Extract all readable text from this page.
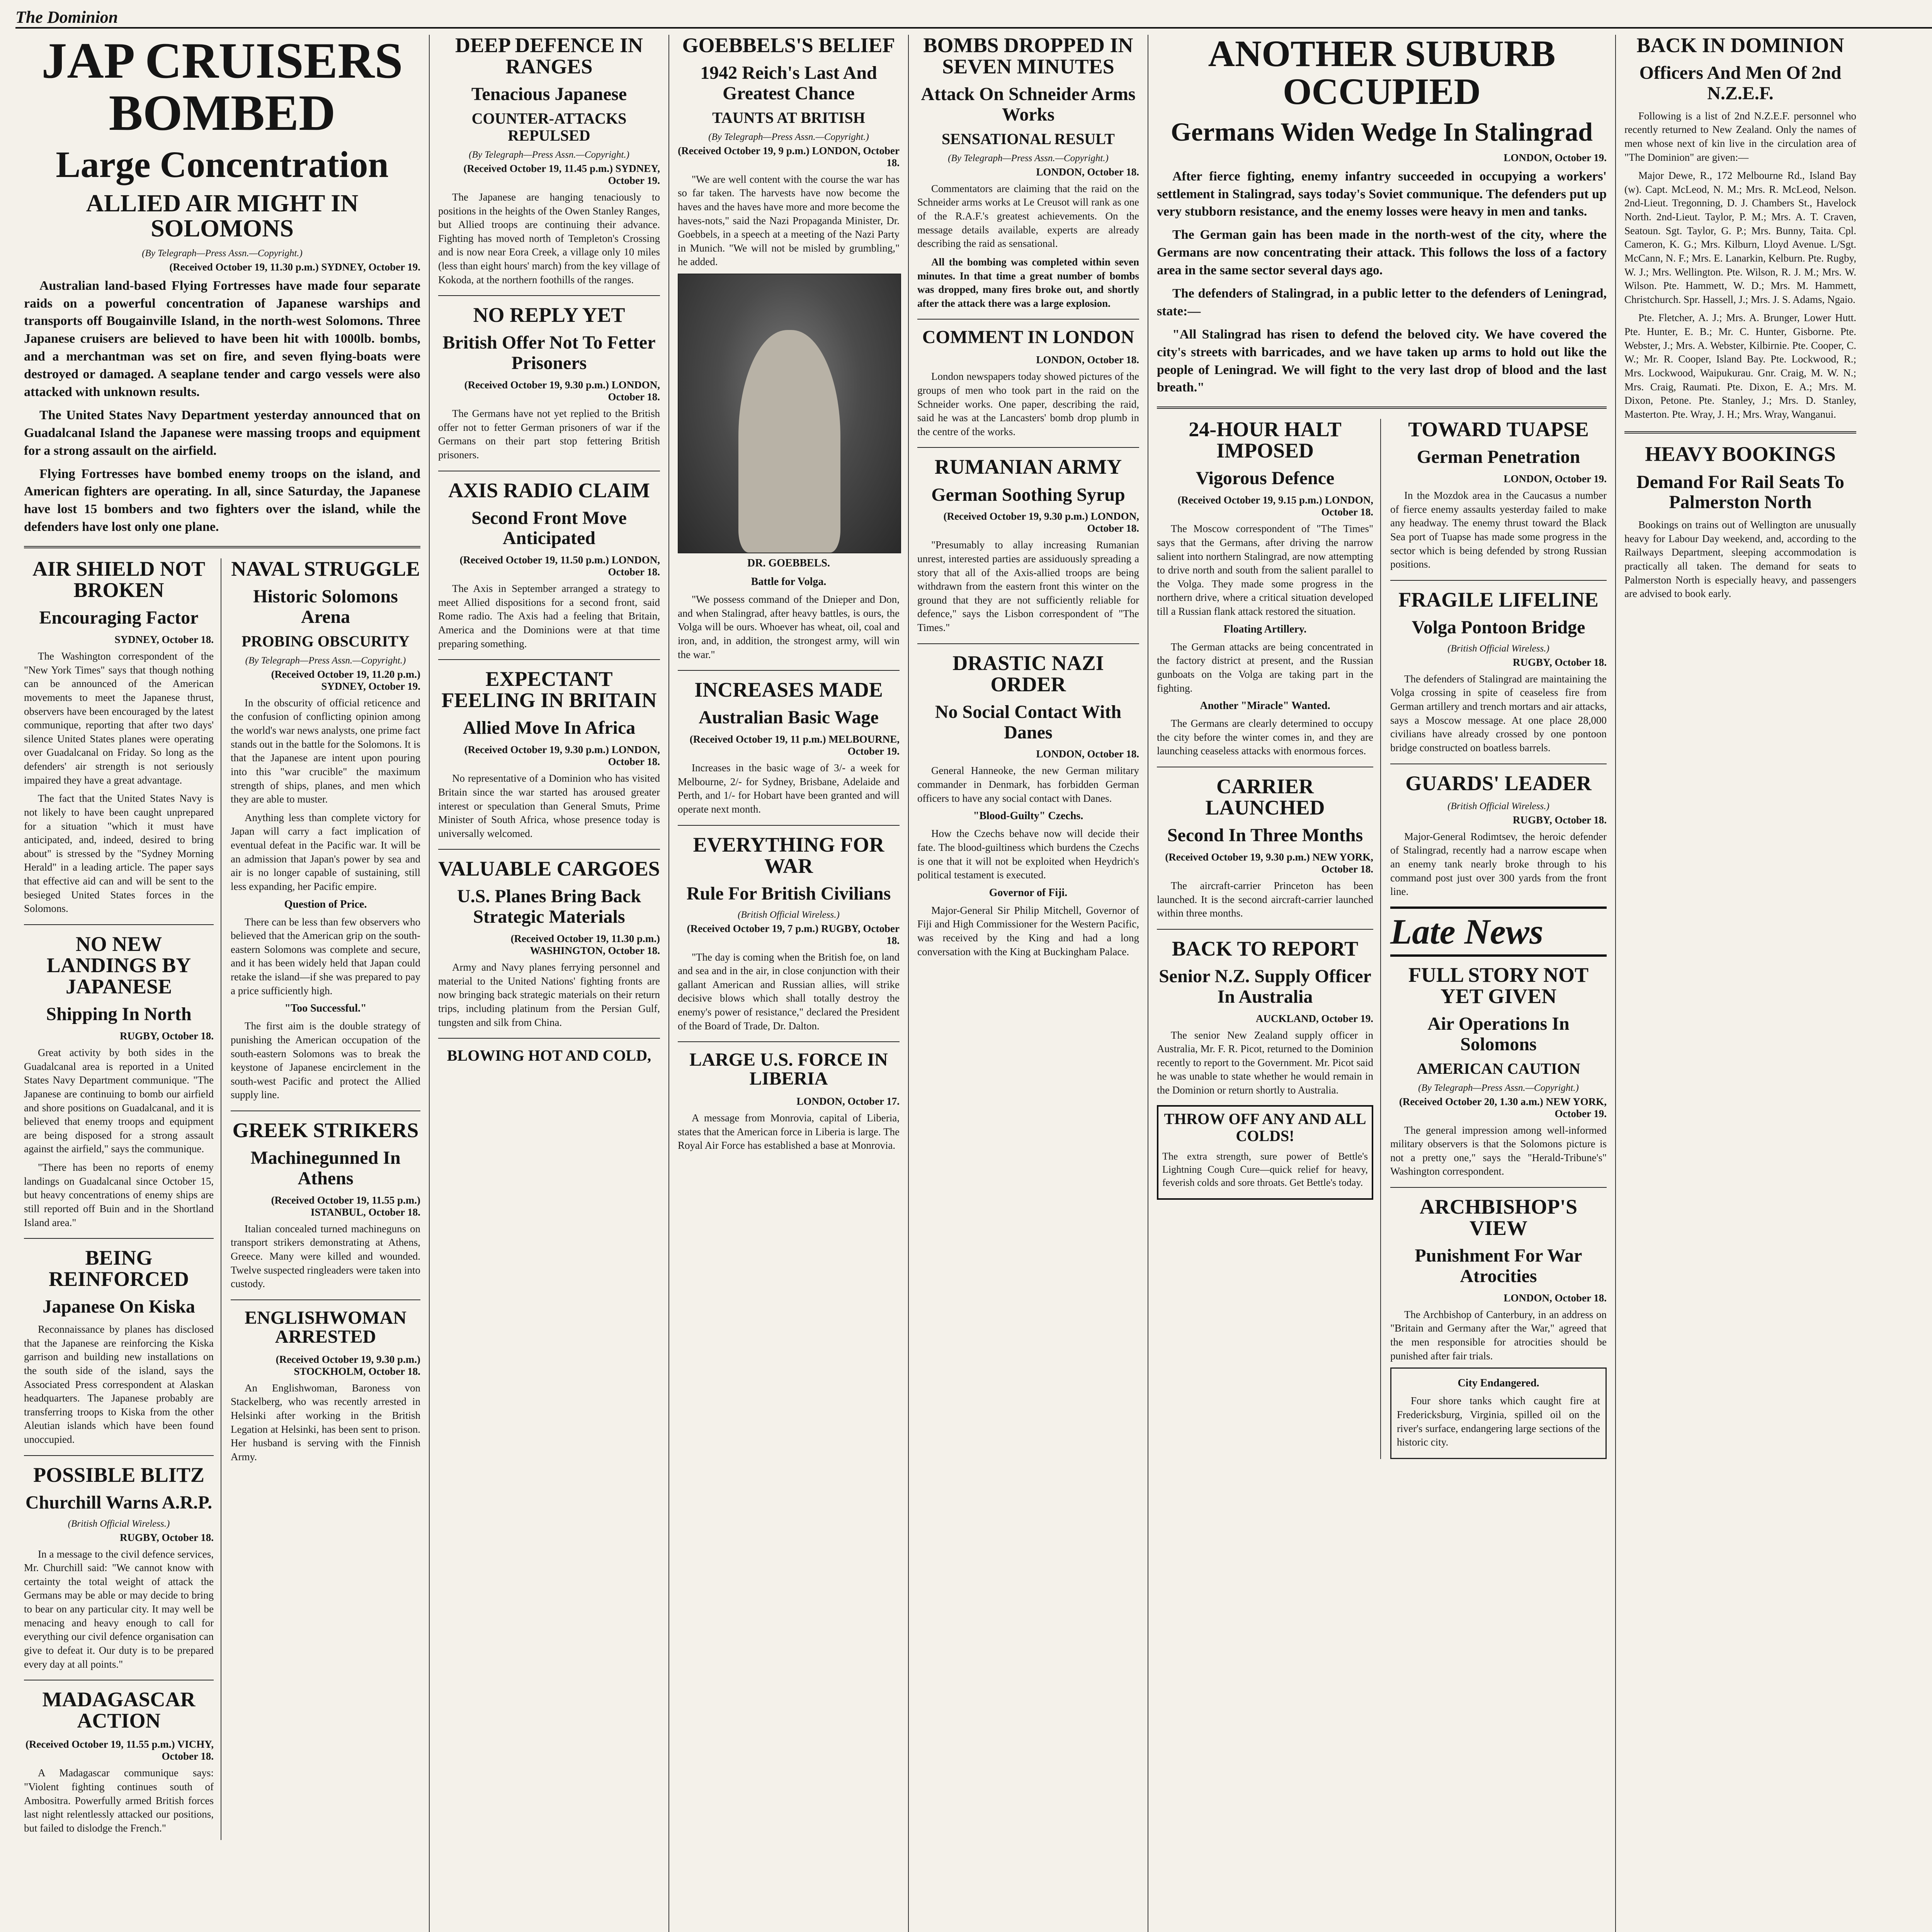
The Dominion
JAP CRUISERS BOMBED
Large Concentration
ALLIED AIR MIGHT IN SOLOMONS
(By Telegraph—Press Assn.—Copyright.)
(Received October 19, 11.30 p.m.) SYDNEY, October 19.

Australian land-based Flying Fortresses have made four separate raids on a powerful concentration of Japanese warships and transports off Bougainville Island, in the north-west Solomons. Three Japanese cruisers are believed to have been hit with 1000lb. bombs, and a merchantman was set on fire, and seven flying-boats were destroyed or damaged. A seaplane tender and cargo vessels were also attacked with unknown results.

The United States Navy Department yesterday announced that on Guadalcanal Island the Japanese were massing troops and equipment for a strong assault on the airfield.

Flying Fortresses have bombed enemy troops on the island, and American fighters are operating. In all, since Saturday, the Japanese have lost 15 bombers and two fighters over the island, while the defenders have lost only one plane.

AIR SHIELD NOT BROKEN
Encouraging Factor
SYDNEY, October 18.

The Washington correspondent of the "New York Times" says that though nothing can be announced of the American movements to meet the Japanese thrust, observers have been encouraged by the latest communique, reporting that after two days' silence United States planes were operating over Guadalcanal on Friday. So long as the defenders' air strength is not seriously impaired they have a great advantage.

The fact that the United States Navy is not likely to have been caught unprepared for a situation "which it must have anticipated, and, indeed, desired to bring about" is stressed by the "Sydney Morning Herald" in a leading article. The paper says that effective aid can and will be sent to the besieged United States forces in the Solomons.

NO NEW LANDINGS BY JAPANESE
Shipping In North
RUGBY, October 18.

Great activity by both sides in the Guadalcanal area is reported in a United States Navy Department communique. "The Japanese are continuing to bomb our airfield and shore positions on Guadalcanal, and it is believed that enemy troops and equipment are being disposed for a strong assault against the airfield," says the communique.

"There has been no reports of enemy landings on Guadalcanal since October 15, but heavy concentrations of enemy ships are still reported off Buin and in the Shortland Island area."

BEING REINFORCED
Japanese On Kiska

Reconnaissance by planes has disclosed that the Japanese are reinforcing the Kiska garrison and building new installations on the south side of the island, says the Associated Press correspondent at Alaskan headquarters. The Japanese probably are transferring troops to Kiska from the other Aleutian islands which have been found unoccupied.

POSSIBLE BLITZ
Churchill Warns A.R.P.
(British Official Wireless.)
RUGBY, October 18.

In a message to the civil defence services, Mr. Churchill said: "We cannot know with certainty the total weight of attack the Germans may be able or may decide to bring to bear on any particular city. It may well be menacing and heavy enough to call for everything our civil defence organisation can give to defeat it. Our duty is to be prepared every day at all points."

MADAGASCAR ACTION
(Received October 19, 11.55 p.m.) VICHY, October 18.

A Madagascar communique says: "Violent fighting continues south of Ambositra. Powerfully armed British forces last night relentlessly attacked our positions, but failed to dislodge the French."

NAVAL STRUGGLE
Historic Solomons Arena
PROBING OBSCURITY
(By Telegraph—Press Assn.—Copyright.)
(Received October 19, 11.20 p.m.) SYDNEY, October 19.

In the obscurity of official reticence and the confusion of conflicting opinion among the world's war news analysts, one prime fact stands out in the battle for the Solomons. It is that the Japanese are intent upon pouring into this "war crucible" the maximum strength of ships, planes, and men which they are able to muster.

Anything less than complete victory for Japan will carry a fact implication of eventual defeat in the Pacific war. It will be an admission that Japan's power by sea and air is no longer capable of sustaining, still less expanding, her Pacific empire.

Question of Price.

There can be less than few observers who believed that the American grip on the south-eastern Solomons was complete and secure, and it has been widely held that Japan could retake the island—if she was prepared to pay a price sufficiently high.

"Too Successful."

The first aim is the double strategy of punishing the American occupation of the south-eastern Solomons was to break the keystone of Japanese encirclement in the south-west Pacific and protect the Allied supply line.

GREEK STRIKERS
Machinegunned In Athens
(Received October 19, 11.55 p.m.) ISTANBUL, October 18.

Italian concealed turned machineguns on transport strikers demonstrating at Athens, Greece. Many were killed and wounded. Twelve suspected ringleaders were taken into custody.

ENGLISHWOMAN ARRESTED
(Received October 19, 9.30 p.m.) STOCKHOLM, October 18.

An Englishwoman, Baroness von Stackelberg, who was recently arrested in Helsinki after working in the British Legation at Helsinki, has been sent to prison. Her husband is serving with the Finnish Army.

DEEP DEFENCE IN RANGES
Tenacious Japanese
COUNTER-ATTACKS REPULSED
(By Telegraph—Press Assn.—Copyright.)
(Received October 19, 11.45 p.m.) SYDNEY, October 19.

The Japanese are hanging tenaciously to positions in the heights of the Owen Stanley Ranges, but Allied troops are continuing their advance. Fighting has moved north of Templeton's Crossing and is now near Eora Creek, a village only 10 miles (less than eight hours' march) from the key village of Kokoda, at the northern foothills of the ranges.

NO REPLY YET
British Offer Not To Fetter Prisoners
(Received October 19, 9.30 p.m.) LONDON, October 18.

The Germans have not yet replied to the British offer not to fetter German prisoners of war if the Germans on their part stop fettering British prisoners.

AXIS RADIO CLAIM
Second Front Move Anticipated
(Received October 19, 11.50 p.m.) LONDON, October 18.

The Axis in September arranged a strategy to meet Allied dispositions for a second front, said Rome radio. The Axis had a feeling that Britain, America and the Dominions were at that time preparing something.

EXPECTANT FEELING IN BRITAIN
Allied Move In Africa
(Received October 19, 9.30 p.m.) LONDON, October 18.

No representative of a Dominion who has visited Britain since the war started has aroused greater interest or speculation than General Smuts, Prime Minister of South Africa, whose presence today is universally welcomed.

VALUABLE CARGOES
U.S. Planes Bring Back Strategic Materials
(Received October 19, 11.30 p.m.) WASHINGTON, October 18.

Army and Navy planes ferrying personnel and material to the United Nations' fighting fronts are now bringing back strategic materials on their return trips, including platinum from the Persian Gulf, tungsten and silk from China.

BLOWING HOT AND COLD,
GOEBBELS'S BELIEF
1942 Reich's Last And Greatest Chance
TAUNTS AT BRITISH
(By Telegraph—Press Assn.—Copyright.)
(Received October 19, 9 p.m.) LONDON, October 18.

"We are well content with the course the war has so far taken. The harvests have now become the haves and the haves have more and more become the haves-nots," said the Nazi Propaganda Minister, Dr. Goebbels, in a speech at a meeting of the Nazi Party in Munich. "We will not be misled by grumbling," he added.

DR. GOEBBELS.
Battle for Volga.

"We possess command of the Dnieper and Don, and when Stalingrad, after heavy battles, is ours, the Volga will be ours. Whoever has wheat, oil, coal and iron, and, in addition, the strongest army, will win the war."

INCREASES MADE
Australian Basic Wage
(Received October 19, 11 p.m.) MELBOURNE, October 19.

Increases in the basic wage of 3/- a week for Melbourne, 2/- for Sydney, Brisbane, Adelaide and Perth, and 1/- for Hobart have been granted and will operate next month.

EVERYTHING FOR WAR
Rule For British Civilians
(British Official Wireless.)
(Received October 19, 7 p.m.) RUGBY, October 18.

"The day is coming when the British foe, on land and sea and in the air, in close conjunction with their gallant American and Russian allies, will strike decisive blows which shall totally destroy the enemy's power of resistance," declared the President of the Board of Trade, Dr. Dalton.

LARGE U.S. FORCE IN LIBERIA
LONDON, October 17.

A message from Monrovia, capital of Liberia, states that the American force in Liberia is large. The Royal Air Force has established a base at Monrovia.

BOMBS DROPPED IN SEVEN MINUTES
Attack On Schneider Arms Works
SENSATIONAL RESULT
(By Telegraph—Press Assn.—Copyright.)
LONDON, October 18.

Commentators are claiming that the raid on the Schneider arms works at Le Creusot will rank as one of the R.A.F.'s greatest achievements. On the message details available, experts are already describing the raid as sensational.

All the bombing was completed within seven minutes. In that time a great number of bombs was dropped, many fires broke out, and shortly after the attack there was a large explosion.

COMMENT IN LONDON
LONDON, October 18.

London newspapers today showed pictures of the groups of men who took part in the raid on the Schneider works. One paper, describing the raid, said he was at the Lancasters' bomb drop plumb in the centre of the works.

RUMANIAN ARMY
German Soothing Syrup
(Received October 19, 9.30 p.m.) LONDON, October 18.

"Presumably to allay increasing Rumanian unrest, interested parties are assiduously spreading a story that all of the Axis-allied troops are being withdrawn from the eastern front this winter on the ground that they are not sufficiently reliable for defence," says the Lisbon correspondent of "The Times."

DRASTIC NAZI ORDER
No Social Contact With Danes
LONDON, October 18.

General Hanneoke, the new German military commander in Denmark, has forbidden German officers to have any social contact with Danes.

"Blood-Guilty" Czechs.

How the Czechs behave now will decide their fate. The blood-guiltiness which burdens the Czechs is one that it will not be exploited when Heydrich's political testament is executed.

Governor of Fiji.

Major-General Sir Philip Mitchell, Governor of Fiji and High Commissioner for the Western Pacific, was received by the King and had a long conversation with the King at Buckingham Palace.

ANOTHER SUBURB OCCUPIED
Germans Widen Wedge In Stalingrad
LONDON, October 19.

After fierce fighting, enemy infantry succeeded in occupying a workers' settlement in Stalingrad, says today's Soviet communique. The defenders put up very stubborn resistance, and the enemy losses were heavy in men and tanks.

The German gain has been made in the north-west of the city, where the Germans are now concentrating their attack. This follows the loss of a factory area in the same sector several days ago.

The defenders of Stalingrad, in a public letter to the defenders of Leningrad, state:—

"All Stalingrad has risen to defend the beloved city. We have covered the city's streets with barricades, and we have taken up arms to hold out like the people of Leningrad. We will fight to the very last drop of blood and the last breath."

24-HOUR HALT IMPOSED
Vigorous Defence
(Received October 19, 9.15 p.m.) LONDON, October 18.

The Moscow correspondent of "The Times" says that the Germans, after driving the narrow salient into northern Stalingrad, are now attempting to drive north and south from the salient parallel to the Volga. They made some progress in the northern drive, where a critical situation developed till a Russian flank attack restored the situation.

Floating Artillery.

The German attacks are being concentrated in the factory district at present, and the Russian gunboats on the Volga are taking part in the fighting.

Another "Miracle" Wanted.

The Germans are clearly determined to occupy the city before the winter comes in, and they are launching ceaseless attacks with enormous forces.

CARRIER LAUNCHED
Second In Three Months
(Received October 19, 9.30 p.m.) NEW YORK, October 18.

The aircraft-carrier Princeton has been launched. It is the second aircraft-carrier launched within three months.

BACK TO REPORT
Senior N.Z. Supply Officer In Australia
AUCKLAND, October 19.

The senior New Zealand supply officer in Australia, Mr. F. R. Picot, returned to the Dominion recently to report to the Government. Mr. Picot said he was unable to state whether he would remain in the Dominion or return shortly to Australia.

THROW OFF ANY AND ALL COLDS!

The extra strength, sure power of Bettle's Lightning Cough Cure—quick relief for heavy, feverish colds and sore throats. Get Bettle's today.

TOWARD TUAPSE
German Penetration
LONDON, October 19.

In the Mozdok area in the Caucasus a number of fierce enemy assaults yesterday failed to make any headway. The enemy thrust toward the Black Sea port of Tuapse has made some progress in the sector which is being defended by strong Russian positions.

FRAGILE LIFELINE
Volga Pontoon Bridge
(British Official Wireless.)
RUGBY, October 18.

The defenders of Stalingrad are maintaining the Volga crossing in spite of ceaseless fire from German artillery and trench mortars and air attacks, says a Moscow message. At one place 28,000 civilians have already crossed by one pontoon bridge constructed on boatless barrels.

GUARDS' LEADER
(British Official Wireless.)
RUGBY, October 18.

Major-General Rodimtsev, the heroic defender of Stalingrad, recently had a narrow escape when an enemy tank nearly broke through to his command post just over 300 yards from the front line.

Late News
FULL STORY NOT YET GIVEN
Air Operations In Solomons
AMERICAN CAUTION
(By Telegraph—Press Assn.—Copyright.)
(Received October 20, 1.30 a.m.) NEW YORK, October 19.

The general impression among well-informed military observers is that the Solomons picture is not a pretty one," says the "Herald-Tribune's" Washington correspondent.

ARCHBISHOP'S VIEW
Punishment For War Atrocities
LONDON, October 18.

The Archbishop of Canterbury, in an address on "Britain and Germany after the War," agreed that the men responsible for atrocities should be punished after fair trials.

City Endangered.

Four shore tanks which caught fire at Fredericksburg, Virginia, spilled oil on the river's surface, endangering large sections of the historic city.

BACK IN DOMINION
Officers And Men Of 2nd N.Z.E.F.

Following is a list of 2nd N.Z.E.F. personnel who recently returned to New Zealand. Only the names of men whose next of kin live in the circulation area of "The Dominion" are given:—

Major Dewe, R., 172 Melbourne Rd., Island Bay (w). Capt. McLeod, N. M.; Mrs. R. McLeod, Nelson. 2nd-Lieut. Tregonning, D. J. Chambers St., Havelock North. 2nd-Lieut. Taylor, P. M.; Mrs. A. T. Craven, Seatoun. Sgt. Taylor, G. P.; Mrs. Bunny, Taita. Cpl. Cameron, K. G.; Mrs. Kilburn, Lloyd Avenue. L/Sgt. McCann, N. F.; Mrs. E. Lanarkin, Kelburn. Pte. Rugby, W. J.; Mrs. Wellington. Pte. Wilson, R. J. M.; Mrs. W. Wilson. Pte. Hammett, W. D.; Mrs. M. Hammett, Christchurch. Spr. Hassell, J.; Mrs. J. S. Adams, Ngaio.

Pte. Fletcher, A. J.; Mrs. A. Brunger, Lower Hutt. Pte. Hunter, E. B.; Mr. C. Hunter, Gisborne. Pte. Webster, J.; Mrs. A. Webster, Kilbirnie. Pte. Cooper, C. W.; Mr. R. Cooper, Island Bay. Pte. Lockwood, R.; Mrs. Lockwood, Waipukurau. Gnr. Craig, M. W. N.; Mrs. Craig, Raumati. Pte. Dixon, E. A.; Mrs. M. Dixon, Petone. Pte. Stanley, J.; Mrs. D. Stanley, Masterton. Pte. Wray, J. H.; Mrs. Wray, Wanganui.

HEAVY BOOKINGS
Demand For Rail Seats To Palmerston North

Bookings on trains out of Wellington are unusually heavy for Labour Day weekend, and, according to the Railways Department, sleeping accommodation is practically all taken. The demand for seats to Palmerston North is especially heavy, and passengers are advised to book early.
